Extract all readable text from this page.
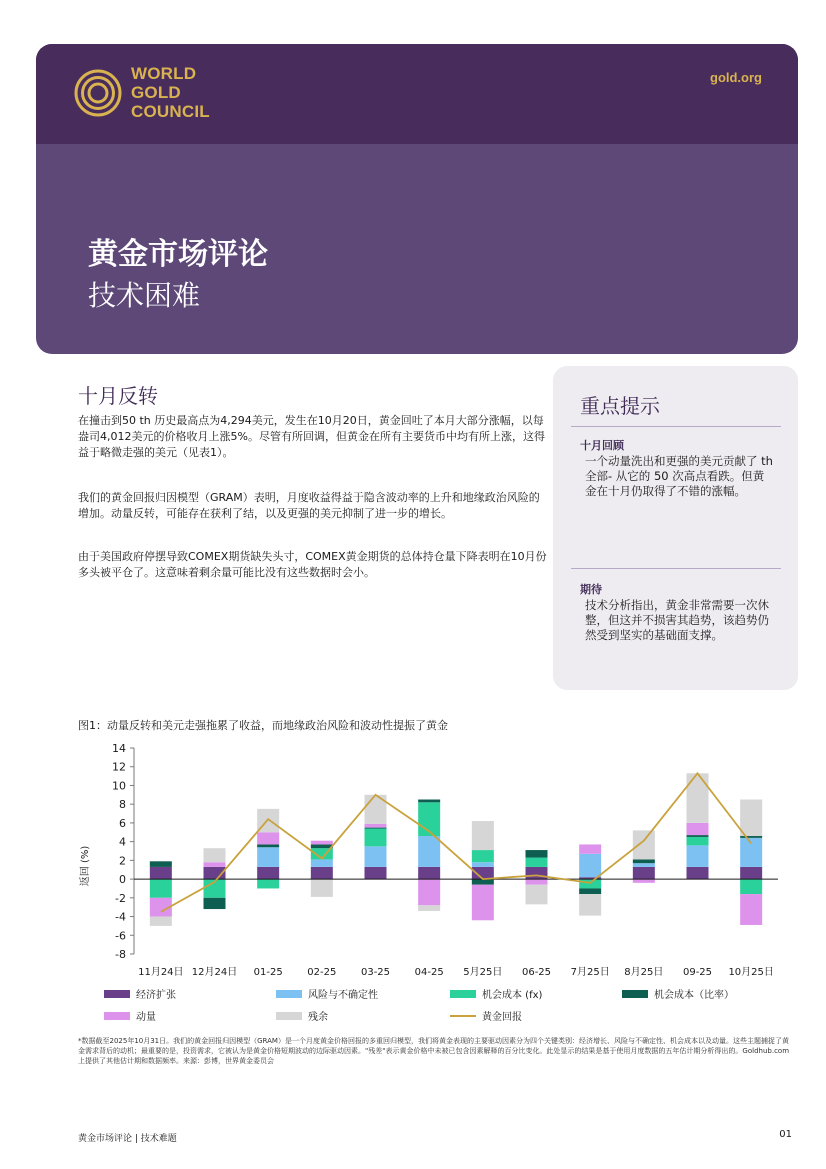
WORLD
GOLD
COUNCIL
gold.org
黄金市场评论
技术困难
十月反转

在撞击到50 th 历史最高点为4,294美元，发生在10月20日，黄金回吐了本月大部分涨幅，以每盎司4,012美元的价格收月上涨5%。尽管有所回调，但黄金在所有主要货币中均有所上涨，这得益于略微走强的美元（见表1）。

我们的黄金回报归因模型（GRAM）表明，月度收益得益于隐含波动率的上升和地缘政治风险的增加。动量反转，可能存在获利了结，以及更强的美元抑制了进一步的增长。

由于美国政府停摆导致COMEX期货缺失头寸，COMEX黄金期货的总体持仓量下降表明在10月份多头被平仓了。这意味着剩余量可能比没有这些数据时会小。

重点提示
十月回顾

一个动量洗出和更强的美元贡献了 th 全部- 从它的 50 次高点看跌。但黄金在十月仍取得了不错的涨幅。

期待

技术分析指出，黄金非常需要一次休整，但这并不损害其趋势，该趋势仍然受到坚实的基础面支撑。

图1：动量反转和美元走强拖累了收益，而地缘政治风险和波动性提振了黄金
-8
-6
-4
-2
0
2
4
6
8
10
12
14
11月24日 12月24日 01-25 02-25 03-25 04-25 5月25日 06-25 7月25日 8月25日 09-25 10月25日
返回 (%)
经济扩张	风险与不确定性	机会成本 (fx)	机会成本（比率）
动量	残余	黄金回报

*数据截至2025年10月31日。我们的黄金回报归因模型（GRAM）是一个月度黄金价格回报的多重回归模型，我们将黄金表现的主要驱动因素分为四个关键类别：经济增长、风险与不确定性、机会成本以及动量。这些主题捕捉了黄金需求背后的动机；最重要的是，投资需求，它被认为是黄金价格短期波动的边际驱动因素。"残差"表示黄金价格中未被已包含因素解释的百分比变化。此处显示的结果是基于使用月度数据的五年估计期分析得出的。Goldhub.com上提供了其他估计期和数据频率。来源：彭博，世界黄金委员会

黄金市场评论 | 技术难题	01
